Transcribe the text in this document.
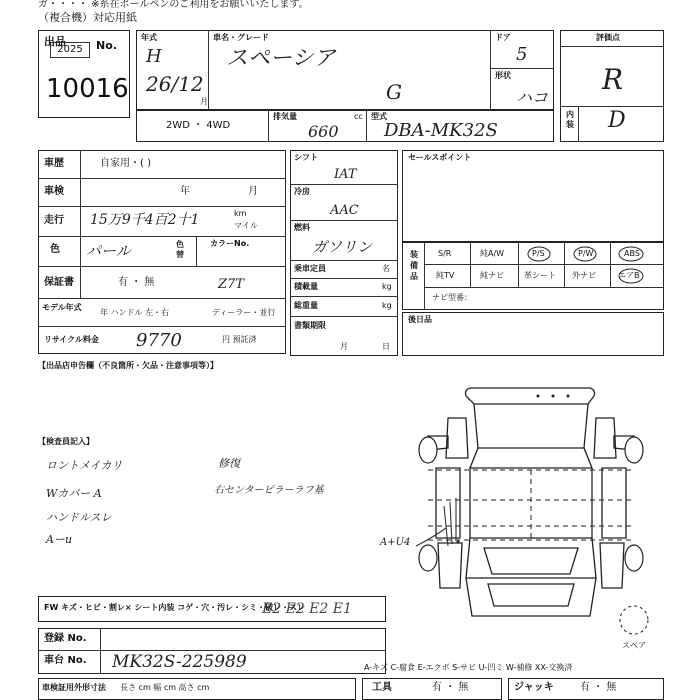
ガ・・・・ ※系在ボールペンのご利用をお願いいたします。
（複合機）対応用紙
出品	No.
2025
10016
年式
H
26/12
月
車名・グレード
スペーシア
G
ドア
5
形状
ハコ
2WD ・ 4WD
排気量
660
cc 型式
DBA-MK32S
評価点
R
内装 D
車歴	自家用・( )
車検	年	月
走行 15万9千4百2十1	km
マイル
色 パール	色替
カラーNo.
Z7T
保証書	有 ・ 無
モデル年式
年 ハンドル 左・右	ディーラー・並行
リサイクル料金 9770	円 預託済
シフト
IAT
冷房
AAC
燃料
ガソリン
乗車定員	名
積載量	kg
総重量	kg
書類期限
月	日
セールスポイント
装備品
S/R	純A/W	P/S	P/W	ABS
純TV	純ナビ	革シート 外ナビ	エアB
ナビ型番：
後日品
【出品店申告欄（不良箇所・欠品・注意事項等）】
【検査員記入】
ロントメイカリ
Wカバー A
ハンドルスレ
Aーu
修復
右センターピラーラフ基
A+U4
スペア
FW キズ・ヒビ・割レ× シート内装 コゲ・穴・汚レ・シミ・破レ・スレ
E2 E2 E2 E1
登録 No.
車台 No. MK32S-225989	A-キズ C-腐食 E-エクボ S-サビ U-凹ミ W-補修 XX-交換済
車検証用外形寸法 長さ cm 幅 cm 高さ cm	工具	有 ・ 無	ジャッキ	有 ・ 無
